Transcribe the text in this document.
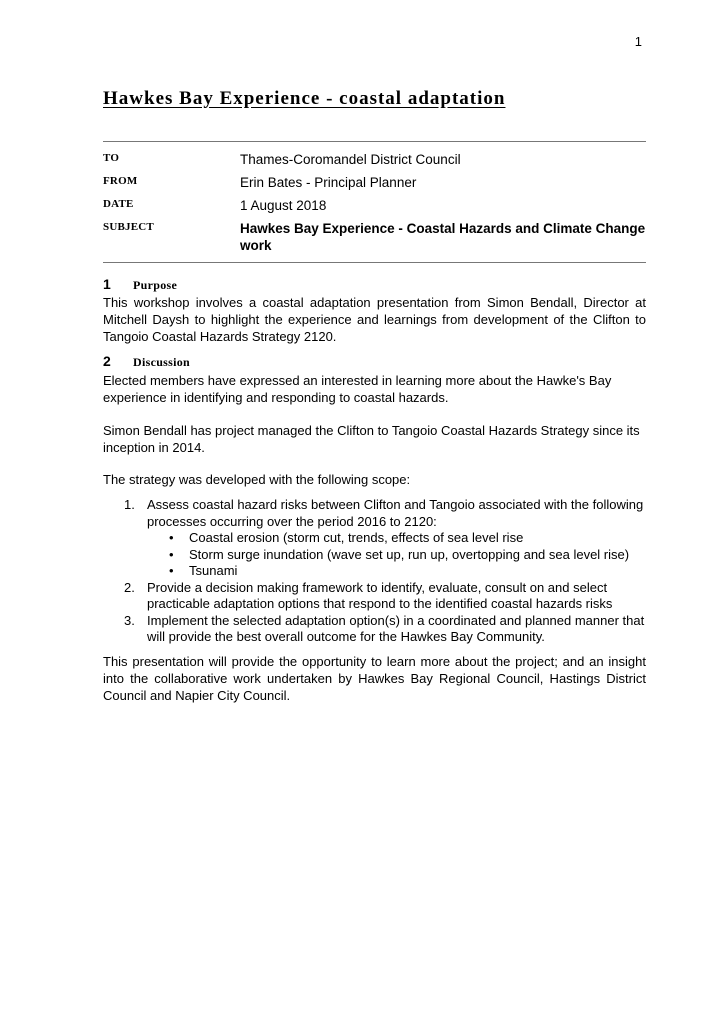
1
Hawkes Bay Experience - coastal adaptation
TO	Thames-Coromandel District Council
FROM	Erin Bates - Principal Planner
DATE	1 August 2018
SUBJECT	Hawkes Bay Experience - Coastal Hazards and Climate Change work
1 Purpose

This workshop involves a coastal adaptation presentation from Simon Bendall, Director at Mitchell Daysh to highlight the experience and learnings from development of the Clifton to Tangoio Coastal Hazards Strategy 2120.

2 Discussion

Elected members have expressed an interested in learning more about the Hawke's Bay experience in identifying and responding to coastal hazards.

Simon Bendall has project managed the Clifton to Tangoio Coastal Hazards Strategy since its inception in 2014.

The strategy was developed with the following scope:

1. Assess coastal hazard risks between Clifton and Tangoio associated with the following processes occurring over the period 2016 to 2120:
• Coastal erosion (storm cut, trends, effects of sea level rise
• Storm surge inundation (wave set up, run up, overtopping and sea level rise)
• Tsunami
2. Provide a decision making framework to identify, evaluate, consult on and select practicable adaptation options that respond to the identified coastal hazards risks
3. Implement the selected adaptation option(s) in a coordinated and planned manner that will provide the best overall outcome for the Hawkes Bay Community.

This presentation will provide the opportunity to learn more about the project; and an insight into the collaborative work undertaken by Hawkes Bay Regional Council, Hastings District Council and Napier City Council.
